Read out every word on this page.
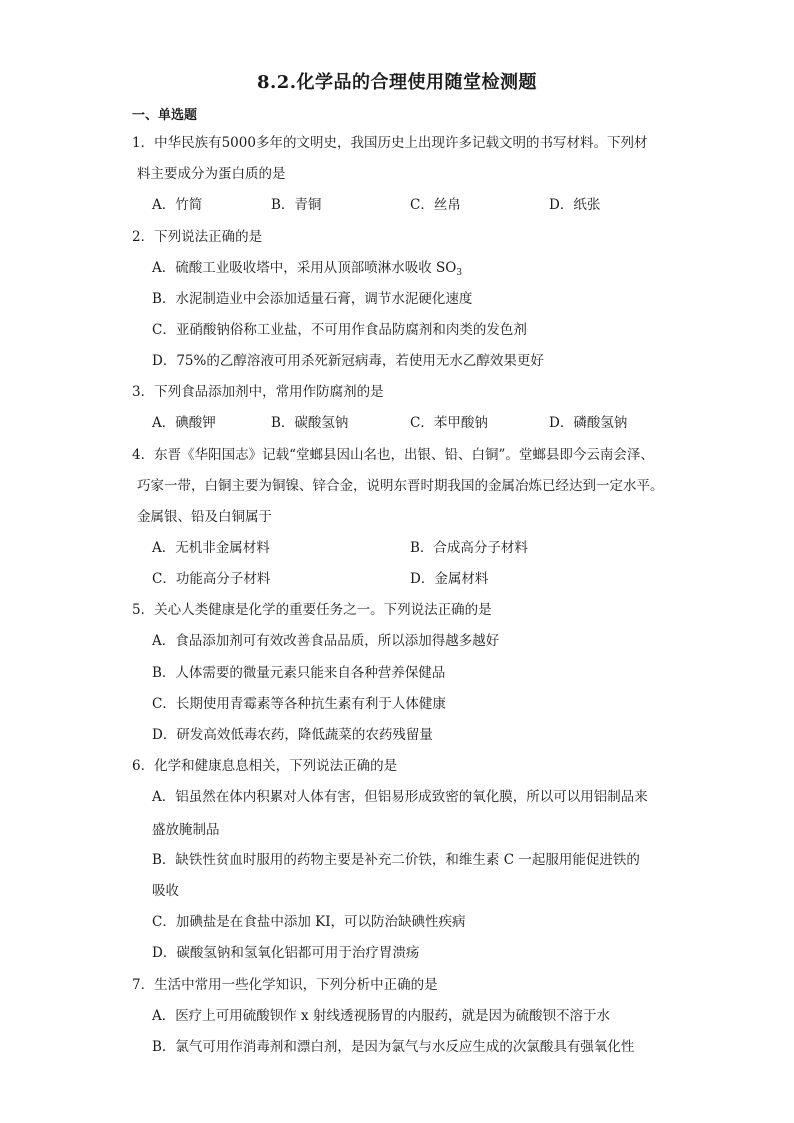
8.2.化学品的合理使用随堂检测题
一、单选题
1．中华民族有5000多年的文明史，我国历史上出现许多记载文明的书写材料。下列材
料主要成分为蛋白质的是
A．竹简	B．青铜	C．丝帛	D．纸张
2．下列说法正确的是
A．硫酸工业吸收塔中，采用从顶部喷淋水吸收 $SO_3$
B．水泥制造业中会添加适量石膏，调节水泥硬化速度
C．亚硝酸钠俗称工业盐，不可用作食品防腐剂和肉类的发色剂
D．75%的乙醇溶液可用杀死新冠病毒，若使用无水乙醇效果更好
3．下列食品添加剂中，常用作防腐剂的是
A．碘酸钾	B．碳酸氢钠	C．苯甲酸钠	D．磷酸氢钠
4．东晋《华阳国志》记载“堂螂县因山名也，出银、铅、白铜”。堂螂县即今云南会泽、
巧家一带，白铜主要为铜镍、锌合金，说明东晋时期我国的金属冶炼已经达到一定水平。
金属银、铅及白铜属于
A．无机非金属材料	B．合成高分子材料
C．功能高分子材料	D．金属材料
5．关心人类健康是化学的重要任务之一。下列说法正确的是
A．食品添加剂可有效改善食品品质，所以添加得越多越好
B．人体需要的微量元素只能来自各种营养保健品
C．长期使用青霉素等各种抗生素有利于人体健康
D．研发高效低毒农药，降低蔬菜的农药残留量
6．化学和健康息息相关，下列说法正确的是
A．铝虽然在体内积累对人体有害，但铝易形成致密的氧化膜，所以可以用铝制品来
盛放腌制品
B．缺铁性贫血时服用的药物主要是补充二价铁，和维生素 C 一起服用能促进铁的
吸收
C．加碘盐是在食盐中添加 KI，可以防治缺碘性疾病
D．碳酸氢钠和氢氧化铝都可用于治疗胃溃疡
7．生活中常用一些化学知识，下列分析中正确的是
A．医疗上可用硫酸钡作 x 射线透视肠胃的内服药，就是因为硫酸钡不溶于水
B．氯气可用作消毒剂和漂白剂，是因为氯气与水反应生成的次氯酸具有强氧化性
